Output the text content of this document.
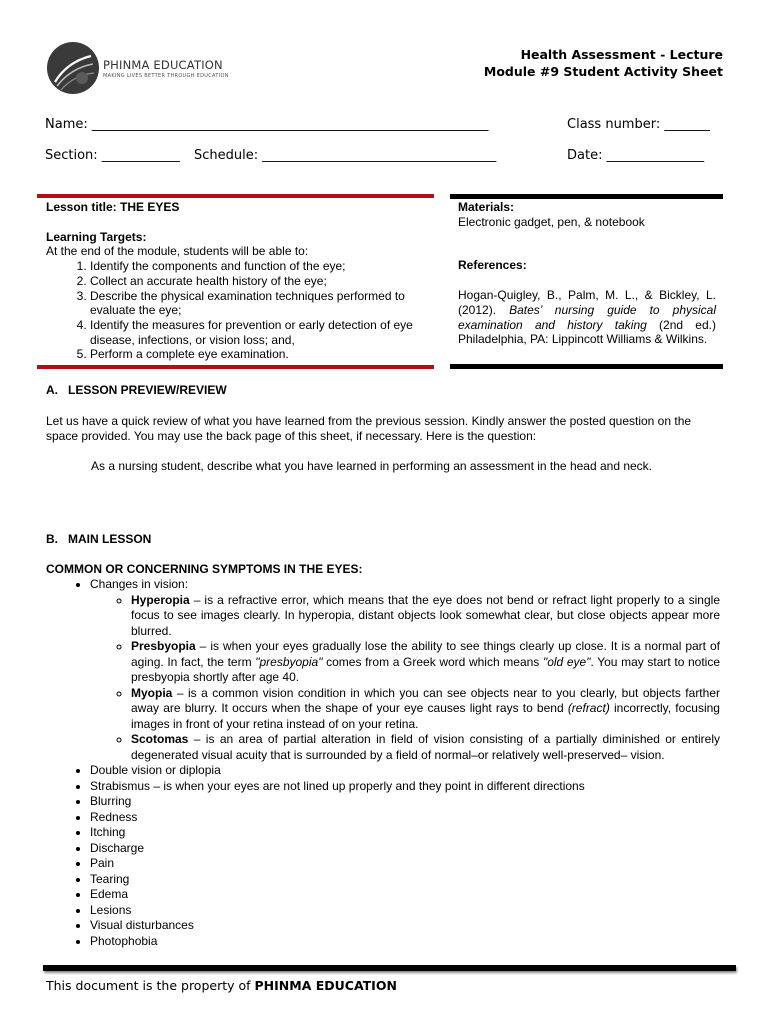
PHINMA EDUCATION
MAKING LIVES BETTER THROUGH EDUCATION
Health Assessment - Lecture
Module #9 Student Activity Sheet
Name: _____________________________________________________________	Class number: _______
Section: ____________ Schedule: ____________________________________	Date: _______________
Lesson title: THE EYES
Learning Targets:
At the end of the module, students will be able to:
1. Identify the components and function of the eye;
2. Collect an accurate health history of the eye;
3. Describe the physical examination techniques performed to evaluate the eye;
4. Identify the measures for prevention or early detection of eye disease, infections, or vision loss; and,
5. Perform a complete eye examination.
Materials:
Electronic gadget, pen, & notebook
References:
Hogan-Quigley, B., Palm, M. L., & Bickley, L. (2012). Bates’ nursing guide to physical examination and history taking (2nd ed.) Philadelphia, PA: Lippincott Williams & Wilkins.
A. LESSON PREVIEW/REVIEW

Let us have a quick review of what you have learned from the previous session. Kindly answer the posted question on the space provided. You may use the back page of this sheet, if necessary. Here is the question:

As a nursing student, describe what you have learned in performing an assessment in the head and neck.

B. MAIN LESSON

COMMON OR CONCERNING SYMPTOMS IN THE EYES:

• Changes in vision:
◦ Hyperopia – is a refractive error, which means that the eye does not bend or refract light properly to a single focus to see images clearly. In hyperopia, distant objects look somewhat clear, but close objects appear more blurred.
◦ Presbyopia – is when your eyes gradually lose the ability to see things clearly up close. It is a normal part of aging. In fact, the term "presbyopia" comes from a Greek word which means "old eye". You may start to notice presbyopia shortly after age 40.
◦ Myopia – is a common vision condition in which you can see objects near to you clearly, but objects farther away are blurry. It occurs when the shape of your eye causes light rays to bend (refract) incorrectly, focusing images in front of your retina instead of on your retina.
◦ Scotomas – is an area of partial alteration in field of vision consisting of a partially diminished or entirely degenerated visual acuity that is surrounded by a field of normal–or relatively well-preserved– vision.
• Double vision or diplopia
• Strabismus – is when your eyes are not lined up properly and they point in different directions
• Blurring
• Redness
• Itching
• Discharge
• Pain
• Tearing
• Edema
• Lesions
• Visual disturbances
• Photophobia
This document is the property of PHINMA EDUCATION
